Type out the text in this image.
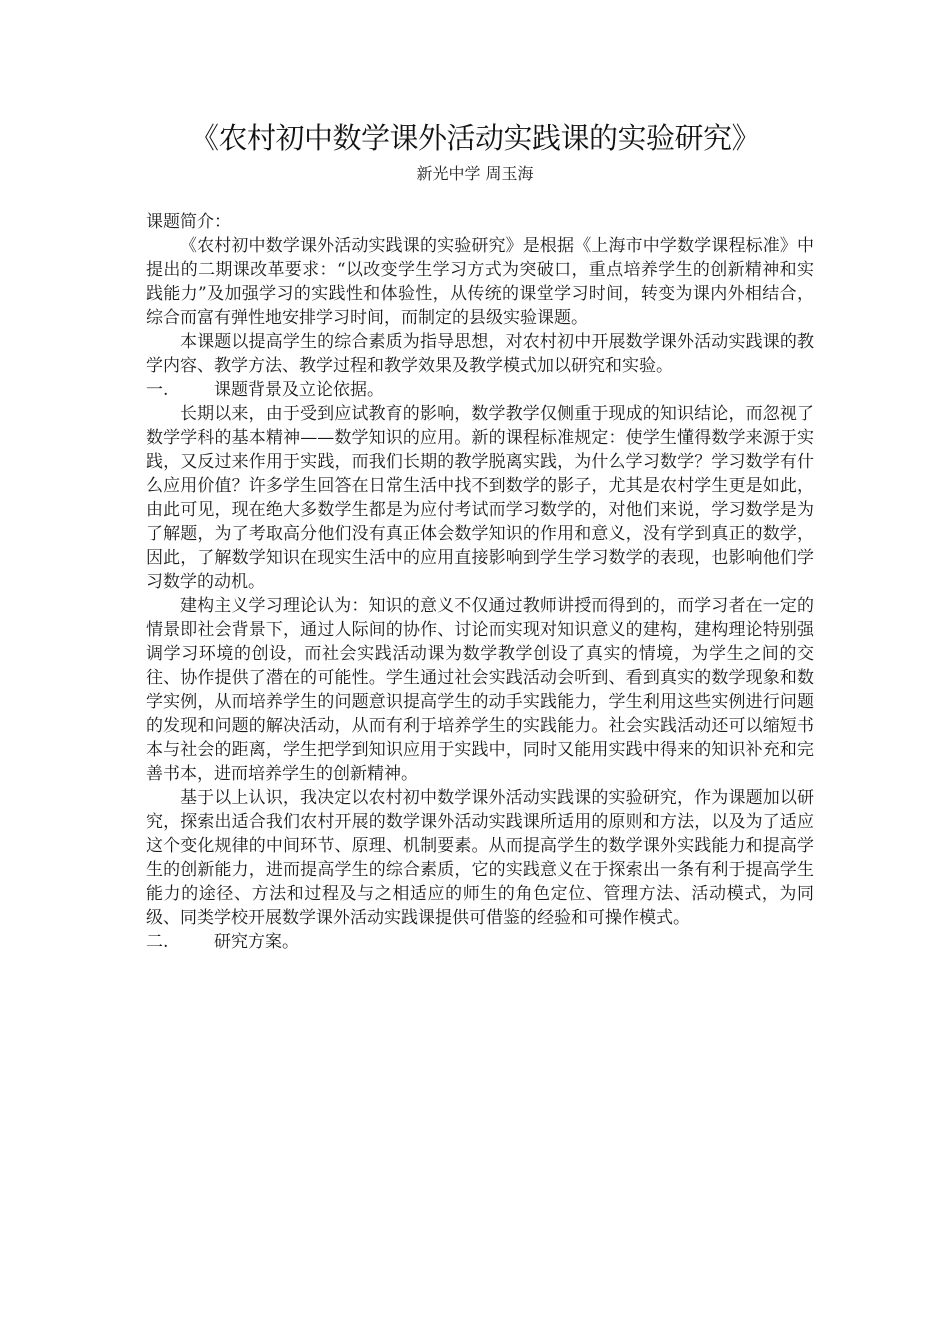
《农村初中数学课外活动实践课的实验研究》
新光中学 周玉海

课题简介：

《农村初中数学课外活动实践课的实验研究》是根据《上海市中学数学课程标准》中提出的二期课改革要求：“以改变学生学习方式为突破口，重点培养学生的创新精神和实践能力”及加强学习的实践性和体验性，从传统的课堂学习时间，转变为课内外相结合，综合而富有弹性地安排学习时间，而制定的县级实验课题。

本课题以提高学生的综合素质为指导思想，对农村初中开展数学课外活动实践课的教学内容、教学方法、教学过程和教学效果及教学模式加以研究和实验。

一.	课题背景及立论依据。

长期以来，由于受到应试教育的影响，数学教学仅侧重于现成的知识结论，而忽视了数学学科的基本精神——数学知识的应用。新的课程标准规定：使学生懂得数学来源于实践，又反过来作用于实践，而我们长期的教学脱离实践，为什么学习数学？学习数学有什么应用价值？许多学生回答在日常生活中找不到数学的影子，尤其是农村学生更是如此，由此可见，现在绝大多数学生都是为应付考试而学习数学的，对他们来说，学习数学是为了解题，为了考取高分他们没有真正体会数学知识的作用和意义，没有学到真正的数学，因此，了解数学知识在现实生活中的应用直接影响到学生学习数学的表现，也影响他们学习数学的动机。

建构主义学习理论认为：知识的意义不仅通过教师讲授而得到的，而学习者在一定的情景即社会背景下，通过人际间的协作、讨论而实现对知识意义的建构，建构理论特别强调学习环境的创设，而社会实践活动课为数学教学创设了真实的情境，为学生之间的交往、协作提供了潜在的可能性。学生通过社会实践活动会听到、看到真实的数学现象和数学实例，从而培养学生的问题意识提高学生的动手实践能力，学生利用这些实例进行问题的发现和问题的解决活动，从而有利于培养学生的实践能力。社会实践活动还可以缩短书本与社会的距离，学生把学到知识应用于实践中，同时又能用实践中得来的知识补充和完善书本，进而培养学生的创新精神。

基于以上认识，我决定以农村初中数学课外活动实践课的实验研究，作为课题加以研究，探索出适合我们农村开展的数学课外活动实践课所适用的原则和方法，以及为了适应这个变化规律的中间环节、原理、机制要素。从而提高学生的数学课外实践能力和提高学生的创新能力，进而提高学生的综合素质，它的实践意义在于探索出一条有利于提高学生能力的途径、方法和过程及与之相适应的师生的角色定位、管理方法、活动模式，为同级、同类学校开展数学课外活动实践课提供可借鉴的经验和可操作模式。

二.	研究方案。
